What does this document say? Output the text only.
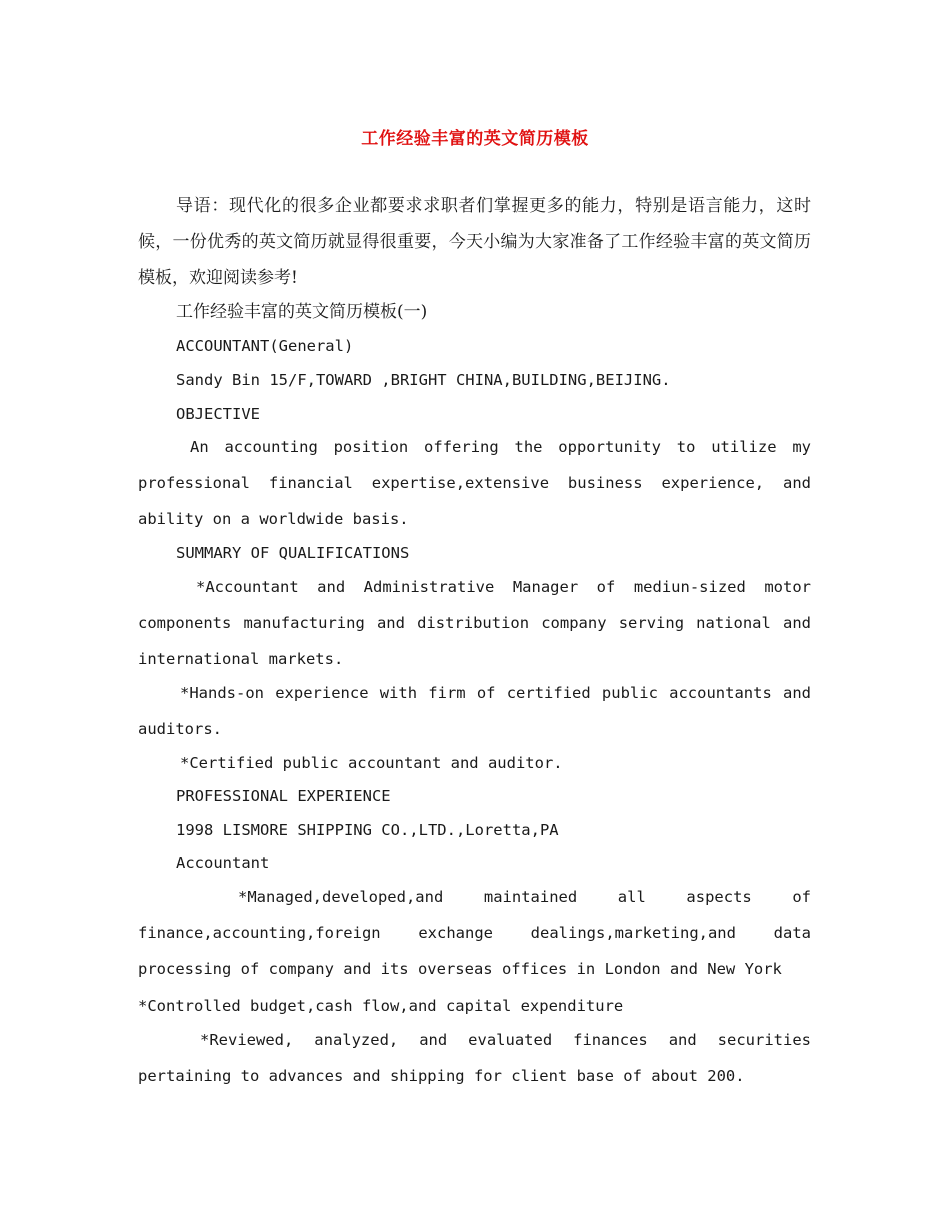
工作经验丰富的英文简历模板

导语：现代化的很多企业都要求求职者们掌握更多的能力，特别是语言能力，这时候，一份优秀的英文简历就显得很重要，今天小编为大家准备了工作经验丰富的英文简历模板，欢迎阅读参考!

工作经验丰富的英文简历模板(一)

ACCOUNTANT(General)

Sandy Bin 15/F,TOWARD ,BRIGHT CHINA,BUILDING,BEIJING.

OBJECTIVE

An accounting position offering the opportunity to utilize my professional financial expertise,extensive business experience, and ability on a worldwide basis.

SUMMARY OF QUALIFICATIONS

*Accountant and Administrative Manager of mediun-sized motor components manufacturing and distribution company serving national and international markets.

*Hands-on experience with firm of certified public accountants and auditors.

*Certified public accountant and auditor.

PROFESSIONAL EXPERIENCE

1998 LISMORE SHIPPING CO.,LTD.,Loretta,PA

Accountant

*Managed,developed,and maintained all aspects of finance,accounting,foreign exchange dealings,marketing,and data processing of company and its overseas offices in London and New York

*Controlled budget,cash flow,and capital expenditure

*Reviewed, analyzed, and evaluated finances and securities pertaining to advances and shipping for client base of about 200.
